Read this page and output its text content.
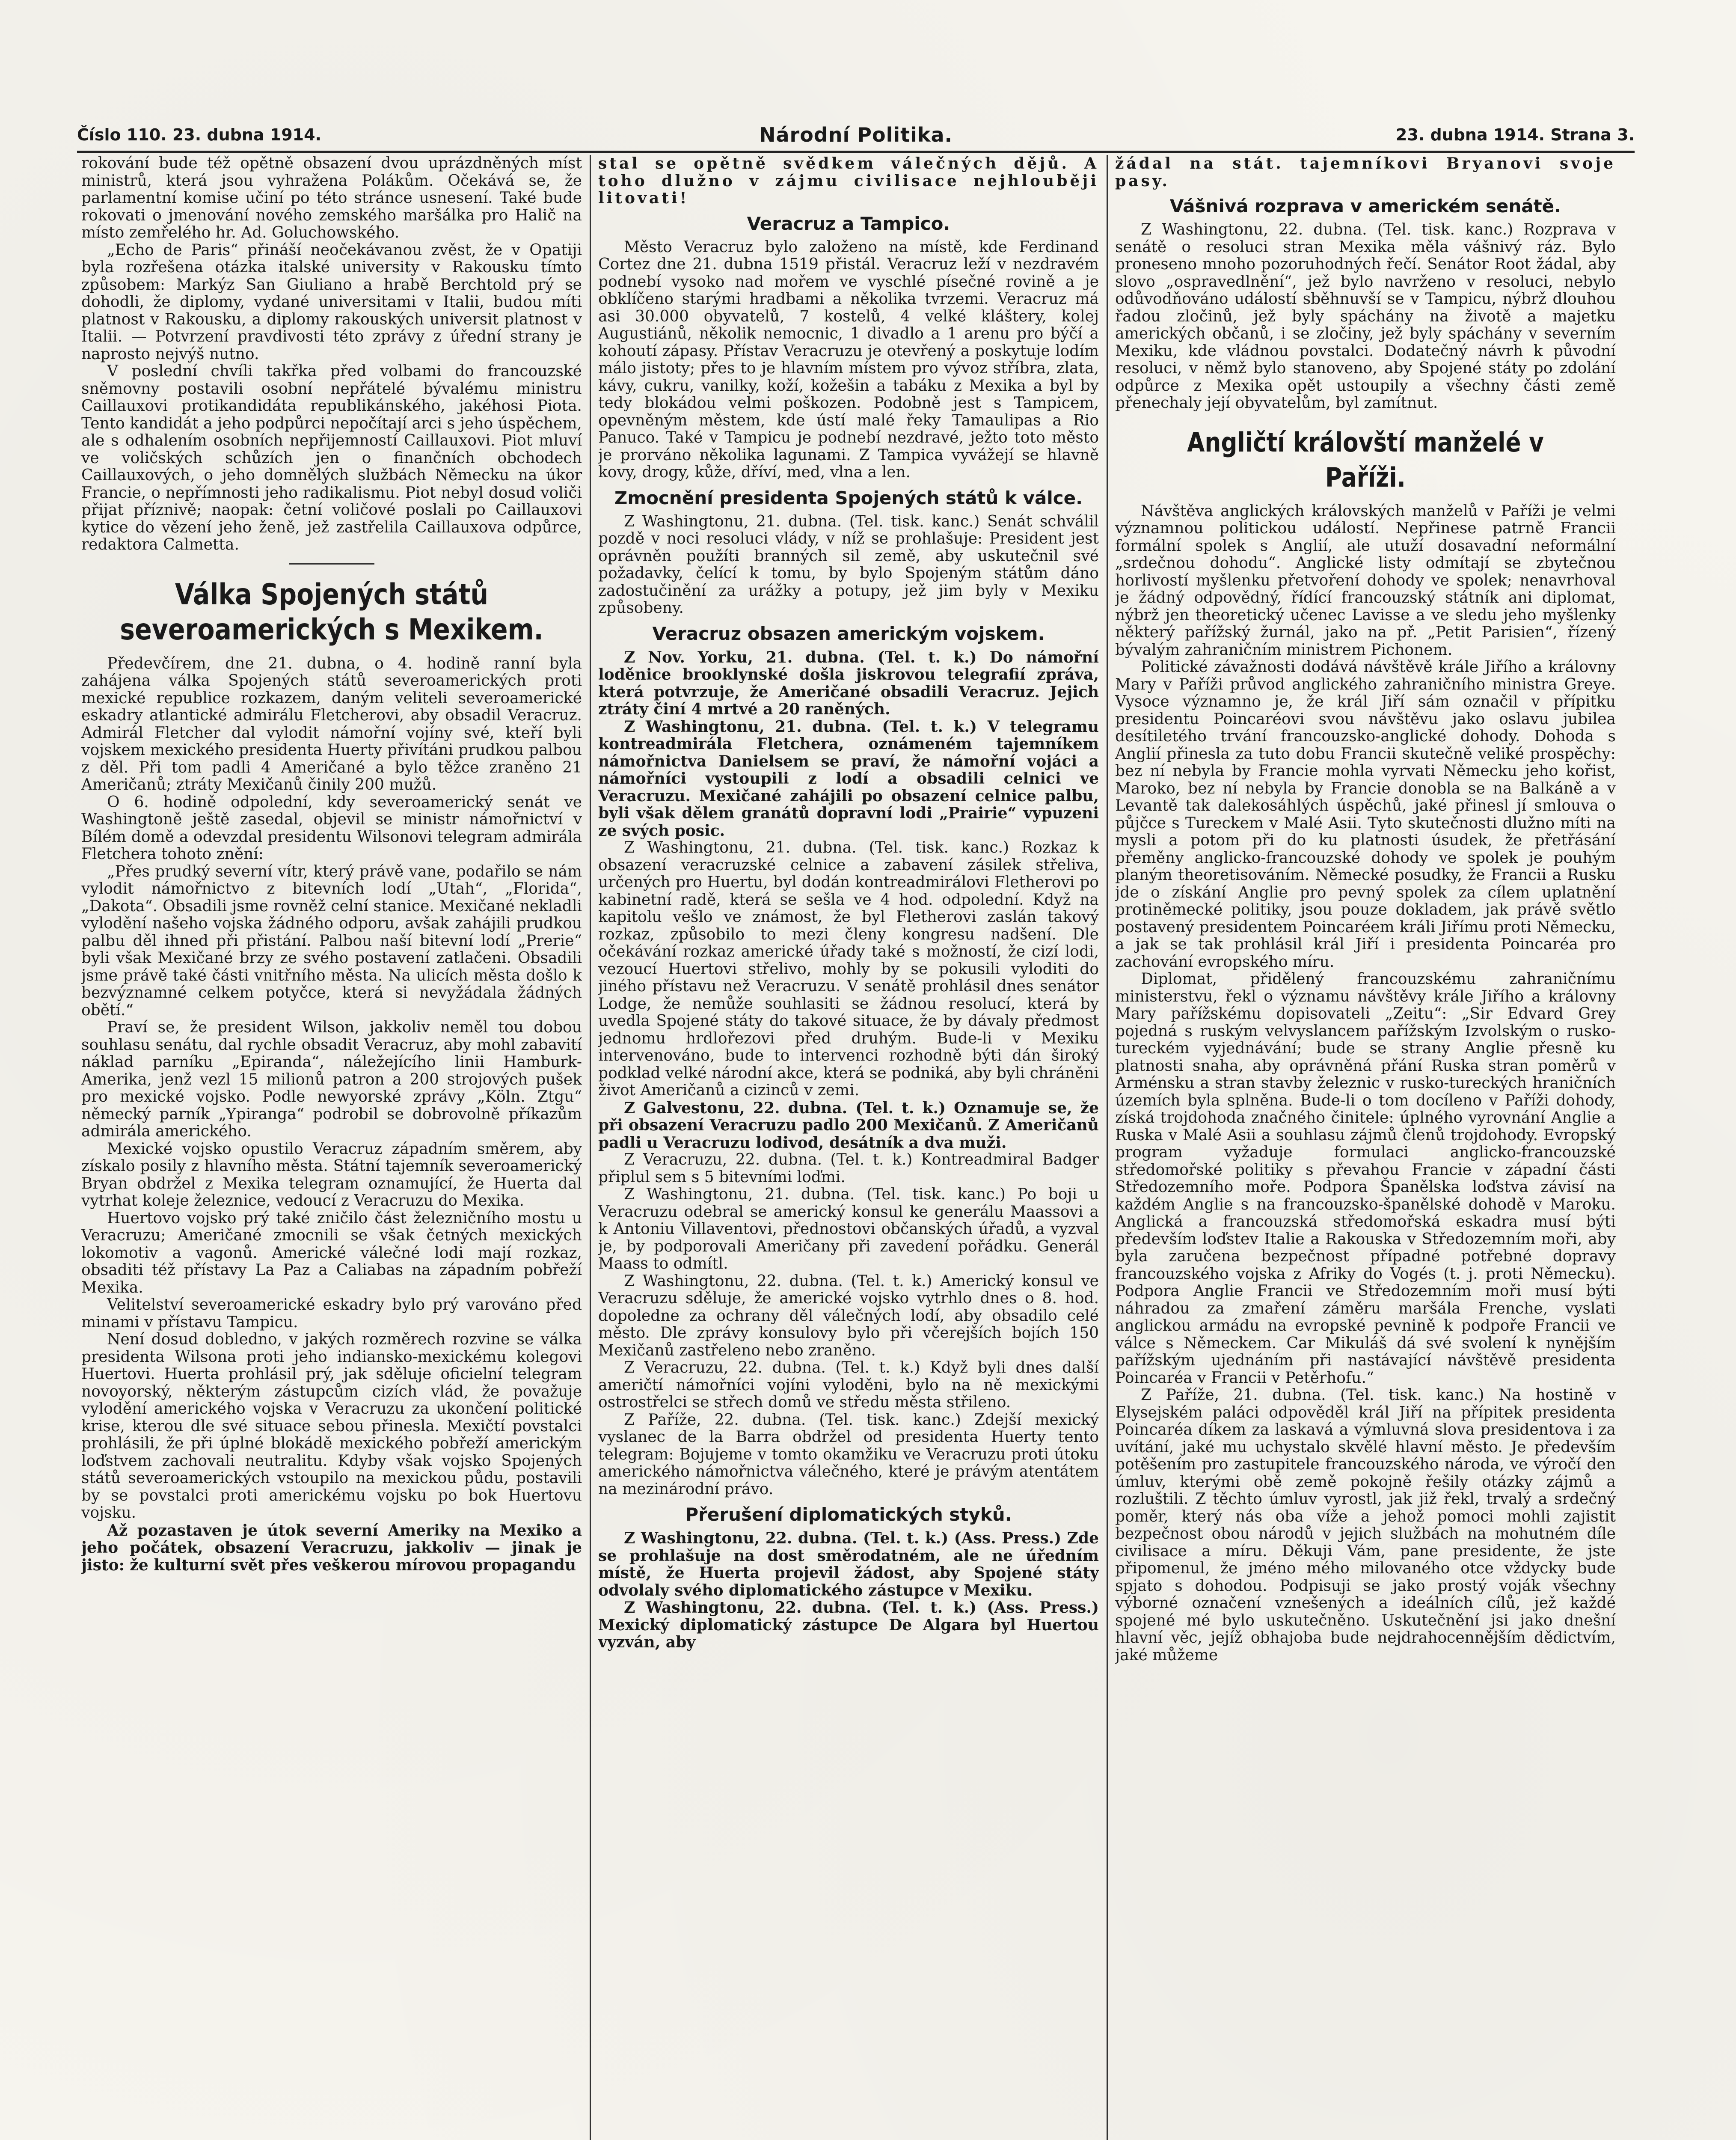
Číslo 110. 23. dubna 1914.	Národní Politika.	23. dubna 1914. Strana 3.

rokování bude též opětně obsazení dvou uprázdněných míst ministrů, která jsou vyhražena Polákům. Očekává se, že parlamentní komise učiní po této stránce usnesení. Také bude rokovati o jmenování nového zemského maršálka pro Halič na místo zemřelého hr. Ad. Goluchowského.

„Echo de Paris“ přináší neočekávanou zvěst, že v Opatiji byla rozřešena otázka italské university v Rakousku tímto způsobem: Markýz San Giuliano a hrabě Berchtold prý se dohodli, že diplomy, vydané universitami v Italii, budou míti platnost v Rakousku, a diplomy rakouských universit platnost v Italii. — Potvrzení pravdivosti této zprávy z úřední strany je naprosto nejvýš nutno.

V poslední chvíli takřka před volbami do francouzské sněmovny postavili osobní nepřátelé bývalému ministru Caillauxovi protikandidáta republikánského, jakéhosi Piota. Tento kandidát a jeho podpůrci nepočítají arci s jeho úspěchem, ale s odhalením osobních nepřijemností Caillauxovi. Piot mluví ve voličských schůzích jen o finančních obchodech Caillauxových, o jeho domnělých službách Německu na úkor Francie, o nepřímnosti jeho radikalismu. Piot nebyl dosud voliči přijat příznivě; naopak: četní voličové poslali po Caillauxovi kytice do vězení jeho ženě, jež zastřelila Caillauxova odpůrce, redaktora Calmetta.

Válka Spojených států severoamerických s Mexikem.

Předevčírem, dne 21. dubna, o 4. hodině ranní byla zahájena válka Spojených států severoamerických proti mexické republice rozkazem, daným veliteli severoamerické eskadry atlantické admirálu Fletcherovi, aby obsadil Veracruz. Admirál Fletcher dal vylodit námořní vojíny své, kteří byli vojskem mexického presidenta Huerty přivítáni prudkou palbou z děl. Při tom padli 4 Američané a bylo těžce zraněno 21 Američanů; ztráty Mexičanů činily 200 mužů.

O 6. hodině odpolední, kdy severoamerický senát ve Washingtoně ještě zasedal, objevil se ministr námořnictví v Bílém domě a odevzdal presidentu Wilsonovi telegram admirála Fletchera tohoto znění:

„Přes prudký severní vítr, který právě vane, podařilo se nám vylodit námořnictvo z bitevních lodí „Utah“, „Florida“, „Dakota“. Obsadili jsme rovněž celní stanice. Mexičané nekladli vylodění našeho vojska žádného odporu, avšak zahájili prudkou palbu děl ihned při přistání. Palbou naší bitevní lodí „Prerie“ byli však Mexičané brzy ze svého postavení zatlačeni. Obsadili jsme právě také části vnitřního města. Na ulicích města došlo k bezvýznamné celkem potyčce, která si nevyžádala žádných obětí.“

Praví se, že president Wilson, jakkoliv neměl tou dobou souhlasu senátu, dal rychle obsadit Veracruz, aby mohl zabavití náklad parníku „Epiranda“, náležejícího linii Hamburk-Amerika, jenž vezl 15 milionů patron a 200 strojových pušek pro mexické vojsko. Podle newyorské zprávy „Köln. Ztgu“ německý parník „Ypiranga“ podrobil se dobrovolně příkazům admirála amerického.

Mexické vojsko opustilo Veracruz západním směrem, aby získalo posily z hlavního města. Státní tajemník severoamerický Bryan obdržel z Mexika telegram oznamující, že Huerta dal vytrhat koleje železnice, vedoucí z Veracruzu do Mexika.

Huertovo vojsko prý také zničilo část železničního mostu u Veracruzu; Američané zmocnili se však četných mexických lokomotiv a vagonů. Americké válečné lodi mají rozkaz, obsaditi též přístavy La Paz a Caliabas na západním pobřeží Mexika.

Velitelství severoamerické eskadry bylo prý varováno před minami v přístavu Tampicu.

Není dosud dobledno, v jakých rozměrech rozvine se válka presidenta Wilsona proti jeho indiansko-mexickému kolegovi Huertovi. Huerta prohlásil prý, jak sděluje oficielní telegram novoyorský, některým zástupcům cizích vlád, že považuje vylodění amerického vojska v Veracruzu za ukončení politické krise, kterou dle své situace sebou přinesla. Mexičtí povstalci prohlásili, že při úplné blokádě mexického pobřeží americkým loďstvem zachovali neutralitu. Kdyby však vojsko Spojených států severoamerických vstoupilo na mexickou půdu, postavili by se povstalci proti americkému vojsku po bok Huertovu vojsku.

Až pozastaven je útok severní Ameriky na Mexiko a jeho počátek, obsazení Veracruzu, jakkoliv — jinak je jisto: že kulturní svět přes veškerou mírovou propagandu

stal se opětně svědkem válečných dějů. A toho dlužno v zájmu civilisace nejhlouběji litovati!

Veracruz a Tampico.

Město Veracruz bylo založeno na místě, kde Ferdinand Cortez dne 21. dubna 1519 přistál. Veracruz leží v nezdravém podnebí vysoko nad mořem ve vyschlé písečné rovině a je obklíčeno starými hradbami a několika tvrzemi. Veracruz má asi 30.000 obyvatelů, 7 kostelů, 4 velké kláštery, kolej Augustiánů, několik nemocnic, 1 divadlo a 1 arenu pro býčí a kohoutí zápasy. Přístav Veracruzu je otevřený a poskytuje lodím málo jistoty; přes to je hlavním místem pro vývoz stříbra, zlata, kávy, cukru, vanilky, koží, kožešin a tabáku z Mexika a byl by tedy blokádou velmi poškozen. Podobně jest s Tampicem, opevněným městem, kde ústí malé řeky Tamaulipas a Rio Panuco. Také v Tampicu je podnebí nezdravé, ježto toto město je prorváno několika lagunami. Z Tampica vyvážejí se hlavně kovy, drogy, kůže, dříví, med, vlna a len.

Zmocnění presidenta Spojených států k válce.

Z Washingtonu, 21. dubna. (Tel. tisk. kanc.) Senát schválil pozdě v noci resoluci vlády, v níž se prohlašuje: President jest oprávněn použíti branných sil země, aby uskutečnil své požadavky, čelící k tomu, by bylo Spojeným státům dáno zadostučinění za urážky a potupy, jež jim byly v Mexiku způsobeny.

Veracruz obsazen americkým vojskem.

Z Nov. Yorku, 21. dubna. (Tel. t. k.) Do námořní loděnice brooklynské došla jiskrovou telegrafií zpráva, která potvrzuje, že Američané obsadili Veracruz. Jejich ztráty činí 4 mrtvé a 20 raněných.

Z Washingtonu, 21. dubna. (Tel. t. k.) V telegramu kontreadmirála Fletchera, oznámeném tajemníkem námořnictva Danielsem se praví, že námořní vojáci a námořníci vystoupili z lodí a obsadili celnici ve Veracruzu. Mexičané zahájili po obsazení celnice palbu, byli však dělem granátů dopravní lodi „Prairie“ vypuzeni ze svých posic.

Z Washingtonu, 21. dubna. (Tel. tisk. kanc.) Rozkaz k obsazení veracruzské celnice a zabavení zásilek střeliva, určených pro Huertu, byl dodán kontreadmirálovi Fletherovi po kabinetní radě, která se sešla ve 4 hod. odpolední. Když na kapitolu vešlo ve známost, že byl Fletherovi zaslán takový rozkaz, způsobilo to mezi členy kongresu nadšení. Dle očekávání rozkaz americké úřady také s možností, že cizí lodi, vezoucí Huertovi střelivo, mohly by se pokusili vyloditi do jiného přístavu než Veracruzu. V senátě prohlásil dnes senátor Lodge, že nemůže souhlasiti se žádnou resolucí, která by uvedla Spojené státy do takové situace, že by dávaly předmost jednomu hrdlořezovi před druhým. Bude-li v Mexiku intervenováno, bude to intervenci rozhodně býti dán široký podklad velké národní akce, která se podniká, aby byli chráněni život Američanů a cizinců v zemi.

Z Galvestonu, 22. dubna. (Tel. t. k.) Oznamuje se, že při obsazení Veracruzu padlo 200 Mexičanů. Z Američanů padli u Veracruzu lodivod, desátník a dva muži.

Z Veracruzu, 22. dubna. (Tel. t. k.) Kontreadmiral Badger připlul sem s 5 bitevními loďmi.

Z Washingtonu, 21. dubna. (Tel. tisk. kanc.) Po boji u Veracruzu odebral se americký konsul ke generálu Maassovi a k Antoniu Villaventovi, přednostovi občanských úřadů, a vyzval je, by podporovali Američany při zavedení pořádku. Generál Maass to odmítl.

Z Washingtonu, 22. dubna. (Tel. t. k.) Americký konsul ve Veracruzu sděluje, že americké vojsko vytrhlo dnes o 8. hod. dopoledne za ochrany děl válečných lodí, aby obsadilo celé město. Dle zprávy konsulovy bylo při včerejších bojích 150 Mexičanů zastřeleno nebo zraněno.

Z Veracruzu, 22. dubna. (Tel. t. k.) Když byli dnes další američtí námořníci vojíni vyloděni, bylo na ně mexickými ostrostřelci se střech domů ve středu města střileno.

Z Paříže, 22. dubna. (Tel. tisk. kanc.) Zdejší mexický vyslanec de la Barra obdržel od presidenta Huerty tento telegram: Bojujeme v tomto okamžiku ve Veracruzu proti útoku amerického námořnictva válečného, které je právým atentátem na mezinárodní právo.

Přerušení diplomatických styků.

Z Washingtonu, 22. dubna. (Tel. t. k.) (Ass. Press.) Zde se prohlašuje na dost směrodatném, ale ne úředním místě, že Huerta projevil žádost, aby Spojené státy odvolaly svého diplomatického zástupce v Mexiku.

Z Washingtonu, 22. dubna. (Tel. t. k.) (Ass. Press.) Mexický diplomatický zástupce De Algara byl Huertou vyzván, aby

žádal na stát. tajemníkovi Bryanovi svoje pasy.

Vášnivá rozprava v americkém senátě.

Z Washingtonu, 22. dubna. (Tel. tisk. kanc.) Rozprava v senátě o resoluci stran Mexika měla vášnivý ráz. Bylo proneseno mnoho pozoruhodných řečí. Senátor Root žádal, aby slovo „ospravedlnění“, jež bylo navrženo v resoluci, nebylo odůvodňováno událostí sběhnuvší se v Tampicu, nýbrž dlouhou řadou zločinů, jež byly spáchány na životě a majetku amerických občanů, i se zločiny, jež byly spáchány v severním Mexiku, kde vládnou povstalci. Dodatečný návrh k původní resoluci, v němž bylo stanoveno, aby Spojené státy po zdolání odpůrce z Mexika opět ustoupily a všechny části země přenechaly její obyvatelům, byl zamítnut.

Angličtí královští manželé v Paříži.

Návštěva anglických královských manželů v Paříži je velmi významnou politickou událostí. Nepřinese patrně Francii formální spolek s Anglií, ale utuží dosavadní neformální „srdečnou dohodu“. Anglické listy odmítají se zbytečnou horlivostí myšlenku přetvoření dohody ve spolek; nenavrhoval je žádný odpovědný, řídící francouzský státník ani diplomat, nýbrž jen theoretický učenec Lavisse a ve sledu jeho myšlenky některý pařížský žurnál, jako na př. „Petit Parisien“, řízený bývalým zahraničním ministrem Pichonem.

Politické závažnosti dodává návštěvě krále Jiřího a královny Mary v Paříži průvod anglického zahraničního ministra Greye. Vysoce významno je, že král Jiří sám označil v přípitku presidentu Poincaréovi svou návštěvu jako oslavu jubilea desítiletého trvání francouzsko-anglické dohody. Dohoda s Anglií přinesla za tuto dobu Francii skutečně veliké prospěchy: bez ní nebyla by Francie mohla vyrvati Německu jeho kořist, Maroko, bez ní nebyla by Francie donobla se na Balkáně a v Levantě tak dalekosáhlých úspěchů, jaké přinesl jí smlouva o půjčce s Tureckem v Malé Asii. Tyto skutečnosti dlužno míti na mysli a potom při do ku platnosti úsudek, že přetřásání přeměny anglicko-francouzské dohody ve spolek je pouhým planým theoretisováním. Německé posudky, že Francii a Rusku jde o získání Anglie pro pevný spolek za cílem uplatnění protiněmecké politiky, jsou pouze dokladem, jak právě světlo postavený presidentem Poincaréem králi Jiřímu proti Německu, a jak se tak prohlásil král Jiří i presidenta Poincaréa pro zachování evropského míru.

Diplomat, přidělený francouzskému zahraničnímu ministerstvu, řekl o významu návštěvy krále Jiřího a královny Mary pařížskému dopisovateli „Zeitu“: „Sir Edvard Grey pojedná s ruským velvyslancem pařížským Izvolským o rusko-tureckém vyjednávání; bude se strany Anglie přesně ku platnosti snaha, aby oprávněná přání Ruska stran poměrů v Arménsku a stran stavby železnic v rusko-tureckých hraničních územích byla splněna. Bude-li o tom docíleno v Paříži dohody, získá trojdohoda značného činitele: úplného vyrovnání Anglie a Ruska v Malé Asii a souhlasu zájmů členů trojdohody. Evropský program vyžaduje formulaci anglicko-francouzské středomořské politiky s převahou Francie v západní části Středozemního moře. Podpora Španělska loďstva závisí na každém Anglie s na francouzsko-španělské dohodě v Maroku. Anglická a francouzská středomořská eskadra musí býti především loďstev Italie a Rakouska v Středozemním moři, aby byla zaručena bezpečnost případné potřebné dopravy francouzského vojska z Afriky do Vogés (t. j. proti Německu). Podpora Anglie Francii ve Středozemním moři musí býti náhradou za zmaření záměru maršála Frenche, vyslati anglickou armádu na evropské pevnině k podpoře Francii ve válce s Německem. Car Mikuláš dá své svolení k nynějším pařížským ujednáním při nastávající návštěvě presidenta Poincaréa v Francii v Petěrhofu.“

Z Paříže, 21. dubna. (Tel. tisk. kanc.) Na hostině v Elysejském paláci odpověděl král Jiří na přípitek presidenta Poincaréa díkem za laskavá a výmluvná slova presidentova i za uvítání, jaké mu uchystalo skvělé hlavní město. Je především potěšením pro zastupitele francouzského národa, ve výročí den úmluv, kterými obě země pokojně řešily otázky zájmů a rozluštili. Z těchto úmluv vyrostl, jak již řekl, trvalý a srdečný poměr, který nás oba víže a jehož pomoci mohli zajistit bezpečnost obou národů v jejich službách na mohutném díle civilisace a míru. Děkuji Vám, pane presidente, že jste připomenul, že jméno mého milovaného otce vždycky bude spjato s dohodou. Podpisuji se jako prostý voják všechny výborné označení vznešených a ideálních cílů, jež každé spojené mé bylo uskutečněno. Uskutečnění jsi jako dnešní hlavní věc, jejíž obhajoba bude nejdrahocennějším dědictvím, jaké můžeme
